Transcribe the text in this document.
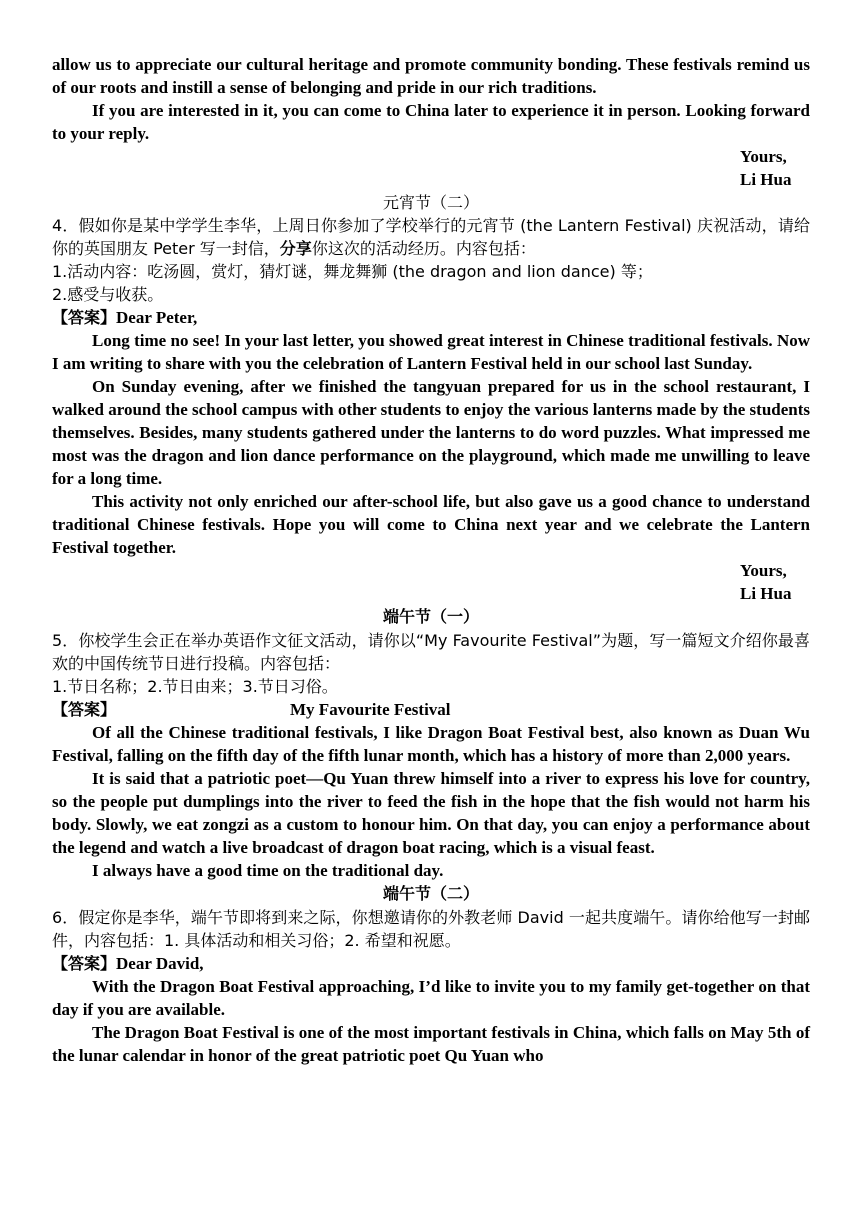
allow us to appreciate our cultural heritage and promote community bonding. These festivals remind us of our roots and instill a sense of belonging and pride in our rich traditions.

If you are interested in it, you can come to China later to experience it in person. Looking forward to your reply.

Yours,

Li Hua

元宵节（二）

4．假如你是某中学学生李华，上周日你参加了学校举行的元宵节 (the Lantern Festival) 庆祝活动，请给你的英国朋友 Peter 写一封信，分享你这次的活动经历。内容包括：

1.活动内容：吃汤圆，赏灯，猜灯谜，舞龙舞狮 (the dragon and lion dance) 等；

2.感受与收获。

【答案】Dear Peter,

Long time no see! In your last letter, you showed great interest in Chinese traditional festivals. Now I am writing to share with you the celebration of Lantern Festival held in our school last Sunday.

On Sunday evening, after we finished the tangyuan prepared for us in the school restaurant, I walked around the school campus with other students to enjoy the various lanterns made by the students themselves. Besides, many students gathered under the lanterns to do word puzzles. What impressed me most was the dragon and lion dance performance on the playground, which made me unwilling to leave for a long time.

This activity not only enriched our after-school life, but also gave us a good chance to understand traditional Chinese festivals. Hope you will come to China next year and we celebrate the Lantern Festival together.

Yours,

Li Hua

端午节（一）

5．你校学生会正在举办英语作文征文活动，请你以“My Favourite Festival”为题，写一篇短文介绍你最喜欢的中国传统节日进行投稿。内容包括：

1.节日名称；2.节日由来；3.节日习俗。

【答案】	My Favourite Festival

Of all the Chinese traditional festivals, I like Dragon Boat Festival best, also known as Duan Wu Festival, falling on the fifth day of the fifth lunar month, which has a history of more than 2,000 years.

It is said that a patriotic poet—Qu Yuan threw himself into a river to express his love for country, so the people put dumplings into the river to feed the fish in the hope that the fish would not harm his body. Slowly, we eat zongzi as a custom to honour him. On that day, you can enjoy a performance about the legend and watch a live broadcast of dragon boat racing, which is a visual feast.

I always have a good time on the traditional day.

端午节（二）

6．假定你是李华，端午节即将到来之际，你想邀请你的外教老师 David 一起共度端午。请你给他写一封邮件，内容包括：1. 具体活动和相关习俗；2. 希望和祝愿。

【答案】Dear David,

With the Dragon Boat Festival approaching, I’d like to invite you to my family get-together on that day if you are available.

The Dragon Boat Festival is one of the most important festivals in China, which falls on May 5th of the lunar calendar in honor of the great patriotic poet Qu Yuan who
